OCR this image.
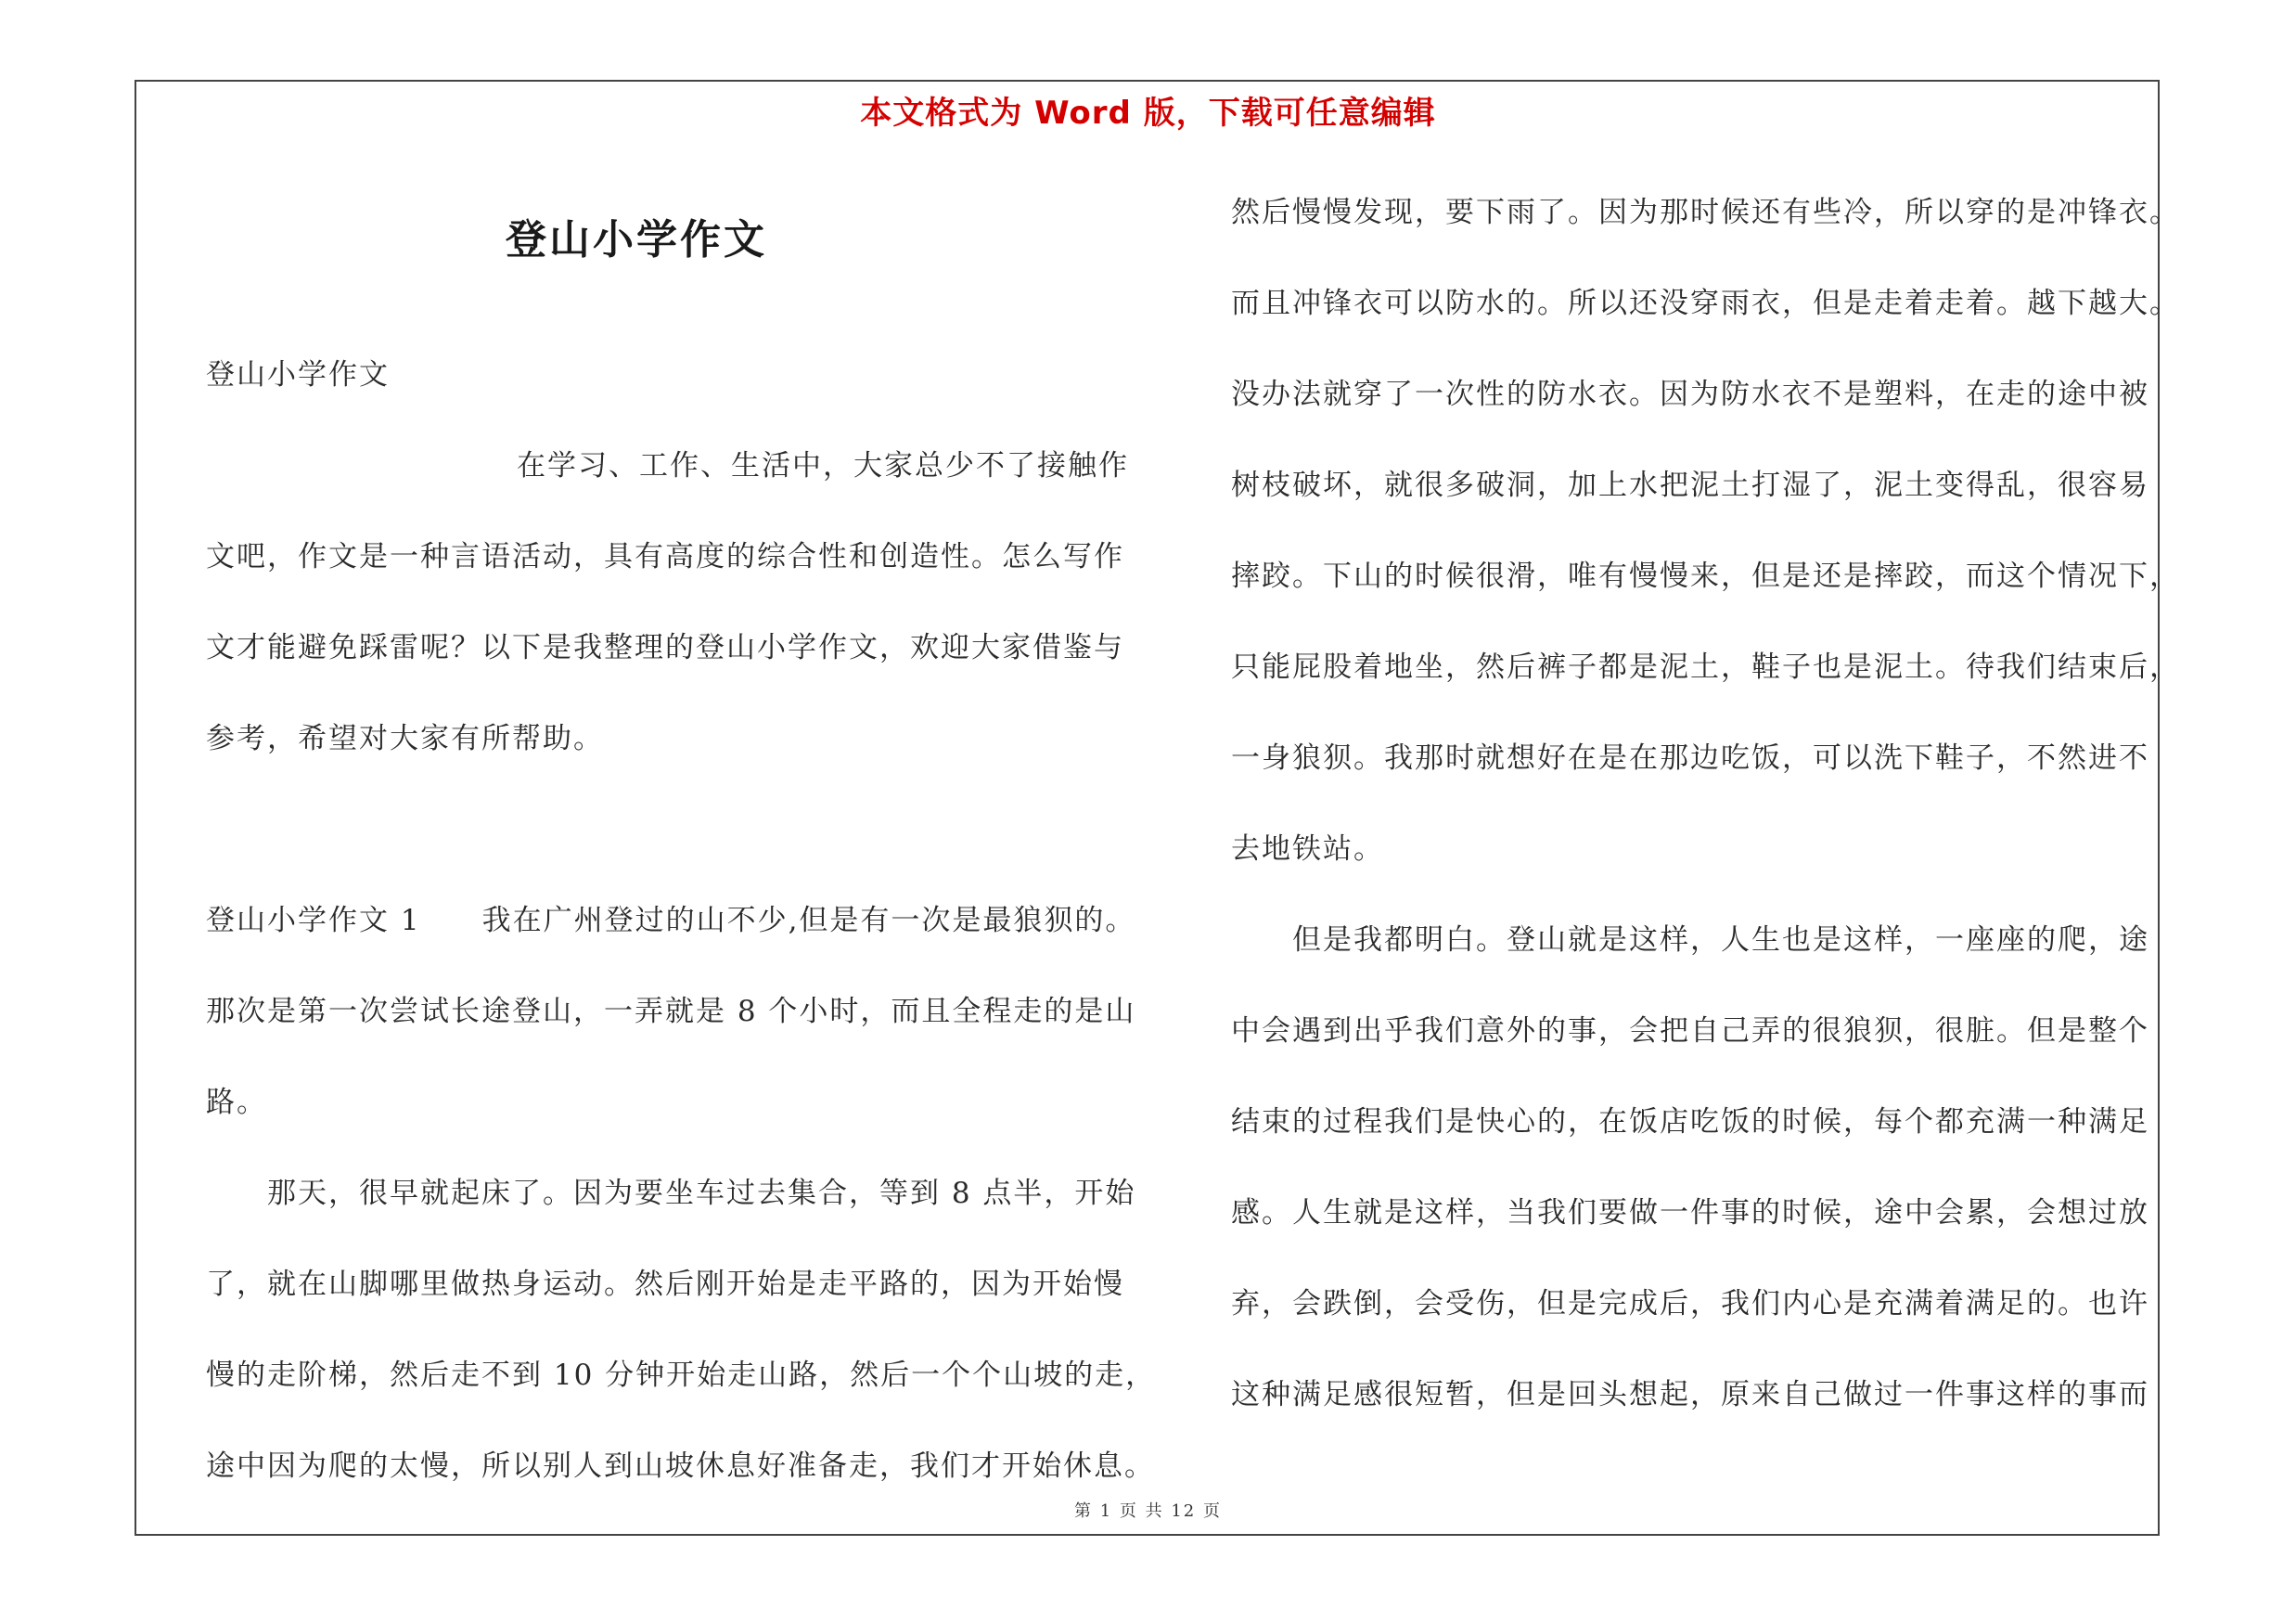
本文格式为 Word 版，下载可任意编辑
登山小学作文
登山小学作文
在学习、工作、生活中，大家总少不了接触作
文吧，作文是一种言语活动，具有高度的综合性和创造性。怎么写作
文才能避免踩雷呢？以下是我整理的登山小学作文，欢迎大家借鉴与
参考，希望对大家有所帮助。
登山小学作文 1　　我在广州登过的山不少,但是有一次是最狼狈的。
那次是第一次尝试长途登山，一弄就是 8 个小时，而且全程走的是山
路。
那天，很早就起床了。因为要坐车过去集合，等到 8 点半，开始
了，就在山脚哪里做热身运动。然后刚开始是走平路的，因为开始慢
慢的走阶梯，然后走不到 10 分钟开始走山路，然后一个个山坡的走，
途中因为爬的太慢，所以别人到山坡休息好准备走，我们才开始休息。
然后慢慢发现，要下雨了。因为那时候还有些冷，所以穿的是冲锋衣。
而且冲锋衣可以防水的。所以还没穿雨衣，但是走着走着。越下越大。
没办法就穿了一次性的防水衣。因为防水衣不是塑料，在走的途中被
树枝破坏，就很多破洞，加上水把泥土打湿了，泥土变得乱，很容易
摔跤。下山的时候很滑，唯有慢慢来，但是还是摔跤，而这个情况下，
只能屁股着地坐，然后裤子都是泥土，鞋子也是泥土。待我们结束后，
一身狼狈。我那时就想好在是在那边吃饭，可以洗下鞋子，不然进不
去地铁站。
但是我都明白。登山就是这样，人生也是这样，一座座的爬，途
中会遇到出乎我们意外的事，会把自己弄的很狼狈，很脏。但是整个
结束的过程我们是快心的，在饭店吃饭的时候，每个都充满一种满足
感。人生就是这样，当我们要做一件事的时候，途中会累，会想过放
弃，会跌倒，会受伤，但是完成后，我们内心是充满着满足的。也许
这种满足感很短暂，但是回头想起，原来自己做过一件事这样的事而
第 1 页 共 12 页
